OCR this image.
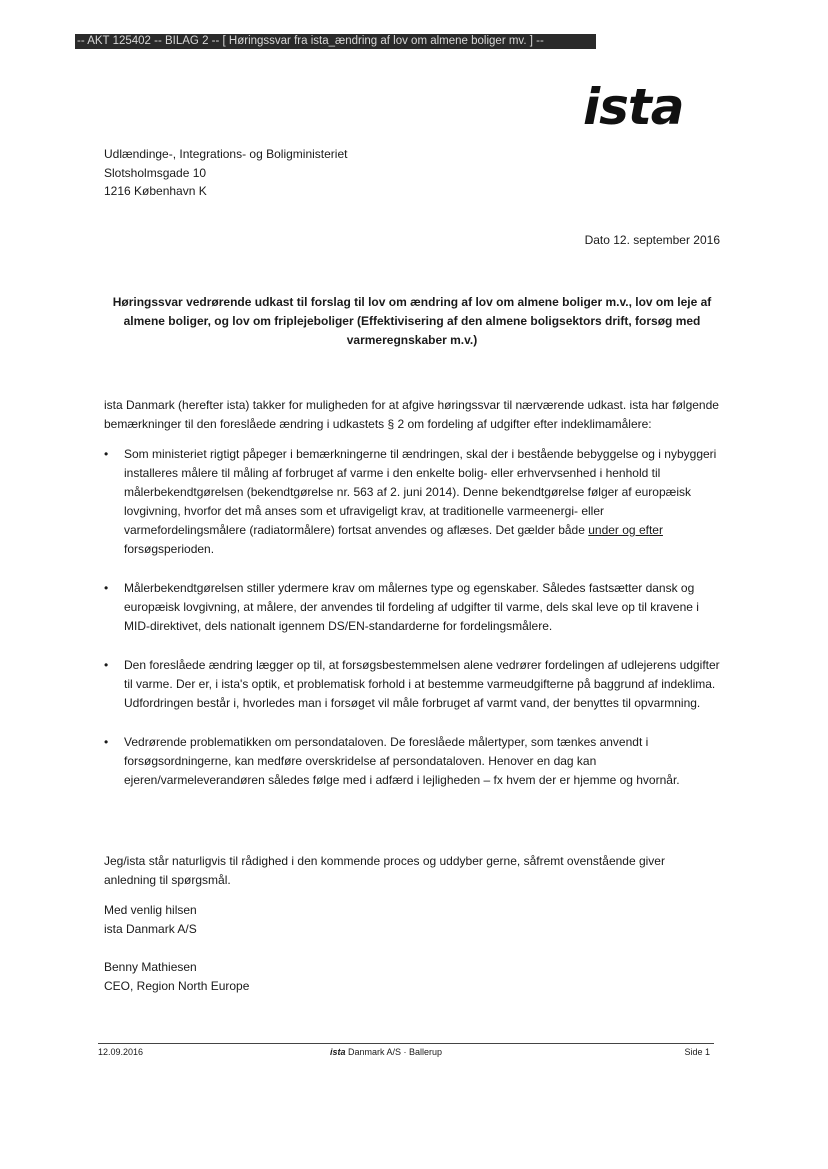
-- AKT 125402 -- BILAG 2 -- [ Høringssvar fra ista_ændring af lov om almene boliger mv. ] --
ista
Udlændinge-, Integrations- og Boligministeriet
Slotsholmsgade 10
1216 København K
Dato 12. september 2016
Høringssvar vedrørende udkast til forslag til lov om ændring af lov om almene boliger m.v., lov om leje af almene boliger, og lov om friplejeboliger (Effektivisering af den almene boligsektors drift, forsøg med varmeregnskaber m.v.)
ista Danmark (herefter ista) takker for muligheden for at afgive høringssvar til nærværende udkast. ista har følgende bemærkninger til den foreslåede ændring i udkastets § 2 om fordeling af udgifter efter indeklimamålere:
• Som ministeriet rigtigt påpeger i bemærkningerne til ændringen, skal der i bestående bebyggelse og i nybyggeri installeres målere til måling af forbruget af varme i den enkelte bolig- eller erhvervsenhed i henhold til målerbekendtgørelsen (bekendtgørelse nr. 563 af 2. juni 2014). Denne bekendtgørelse følger af europæisk lovgivning, hvorfor det må anses som et ufravigeligt krav, at traditionelle varmeenergi- eller varmefordelingsmålere (radiatormålere) fortsat anvendes og aflæses. Det gælder både under og efter forsøgsperioden.
• Målerbekendtgørelsen stiller ydermere krav om målernes type og egenskaber. Således fastsætter dansk og europæisk lovgivning, at målere, der anvendes til fordeling af udgifter til varme, dels skal leve op til kravene i MID-direktivet, dels nationalt igennem DS/EN-standarderne for fordelingsmålere.
• Den foreslåede ændring lægger op til, at forsøgsbestemmelsen alene vedrører fordelingen af udlejerens udgifter til varme. Der er, i ista's optik, et problematisk forhold i at bestemme varmeudgifterne på baggrund af indeklima. Udfordringen består i, hvorledes man i forsøget vil måle forbruget af varmt vand, der benyttes til opvarmning.
• Vedrørende problematikken om persondataloven. De foreslåede målertyper, som tænkes anvendt i forsøgsordningerne, kan medføre overskridelse af persondataloven. Henover en dag kan ejeren/varmeleverandøren således følge med i adfærd i lejligheden – fx hvem der er hjemme og hvornår.
Jeg/ista står naturligvis til rådighed i den kommende proces og uddyber gerne, såfremt ovenstående giver anledning til spørgsmål.
Med venlig hilsen
ista Danmark A/S
Benny Mathiesen
CEO, Region North Europe
12.09.2016	ista Danmark A/S · Ballerup	Side 1
